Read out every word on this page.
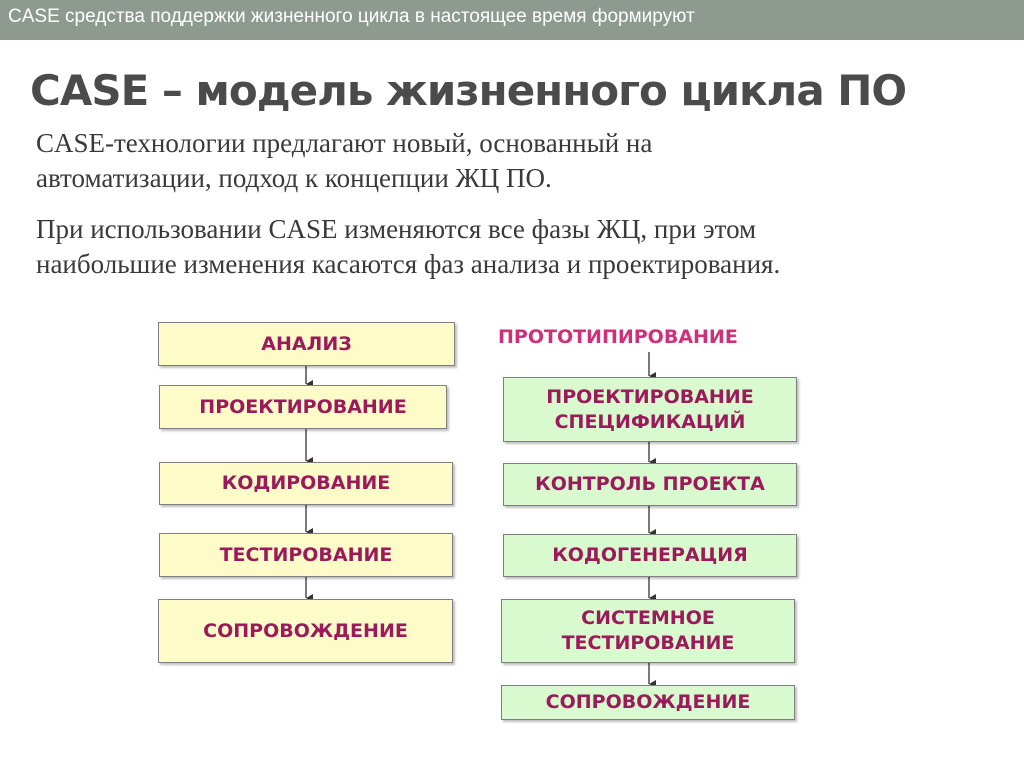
CASE средства поддержки жизненного цикла в настоящее время формируют
CASE – модель жизненного цикла ПО
CASE-технологии предлагают новый, основанный на
автоматизации, подход к концепции ЖЦ ПО.
При использовании CASE изменяются все фазы ЖЦ, при этом
наибольшие изменения касаются фаз анализа и проектирования.
АНАЛИЗ
ПРОЕКТИРОВАНИЕ
КОДИРОВАНИЕ
ТЕСТИРОВАНИЕ
СОПРОВОЖДЕНИЕ
ПРОТОТИПИРОВАНИЕ
ПРОЕКТИРОВАНИЕ
СПЕЦИФИКАЦИЙ
КОНТРОЛЬ ПРОЕКТА
КОДОГЕНЕРАЦИЯ
СИСТЕМНОЕ
ТЕСТИРОВАНИЕ
СОПРОВОЖДЕНИЕ
